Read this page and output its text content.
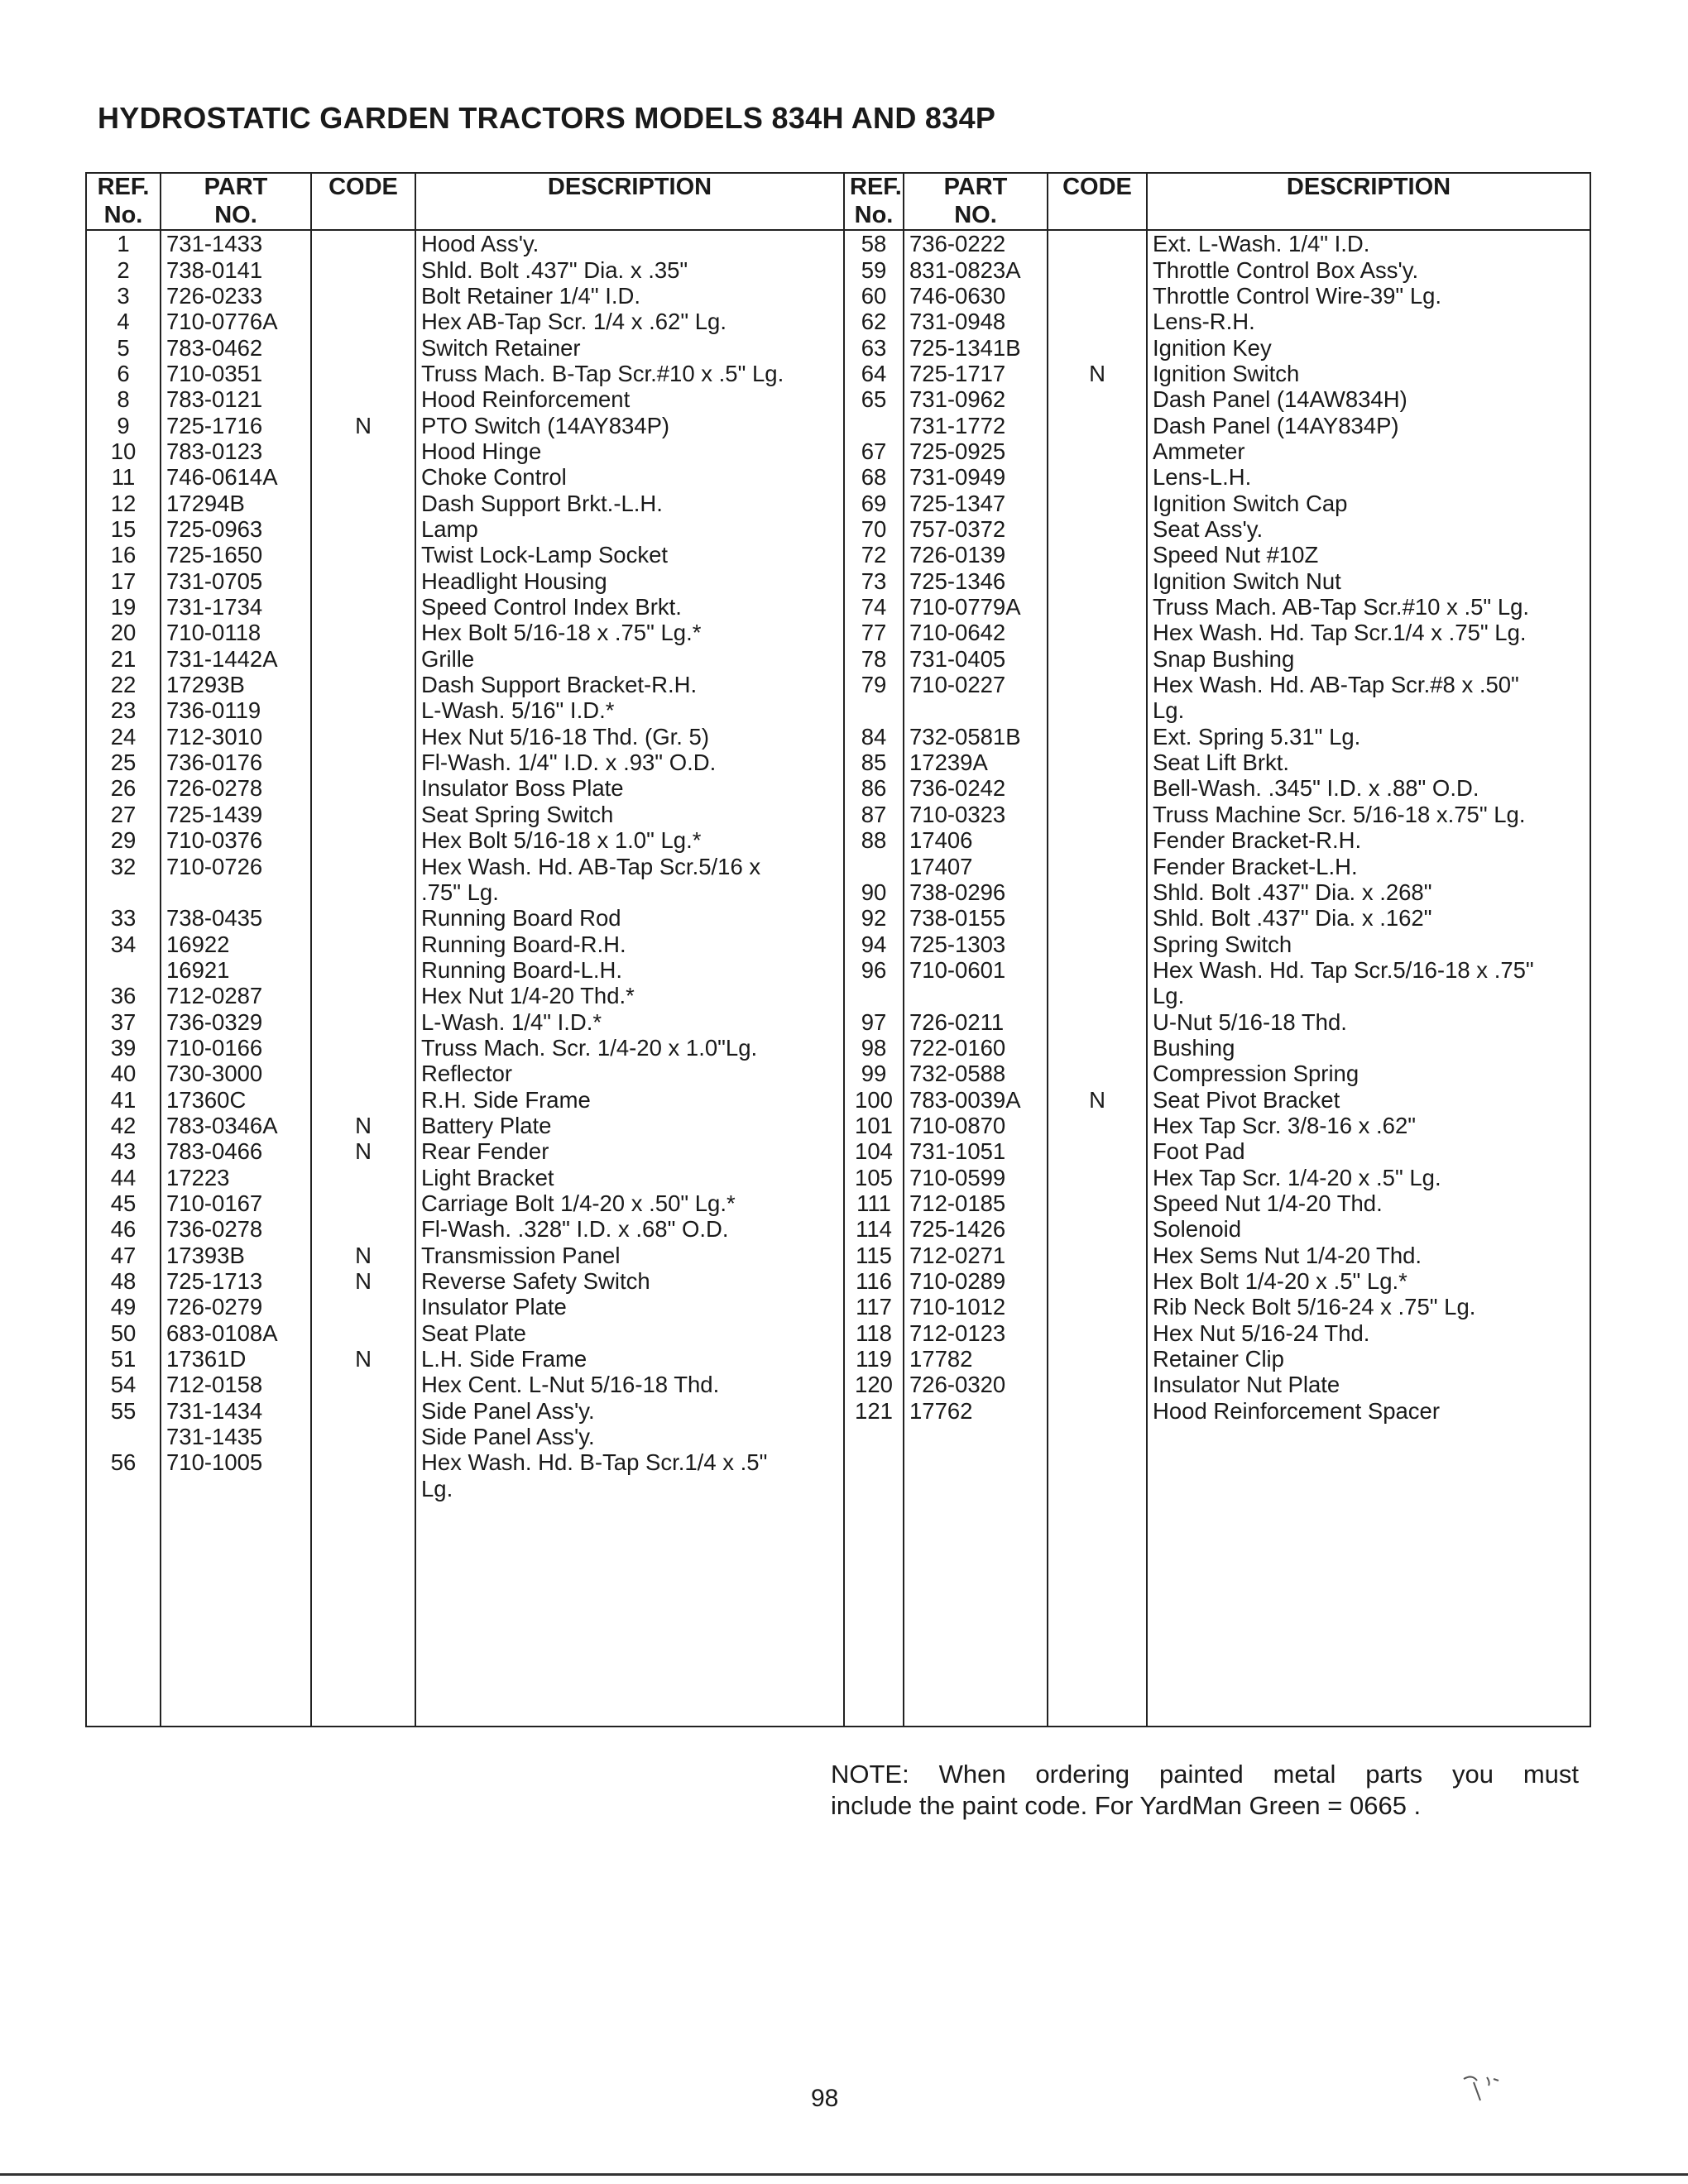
HYDROSTATIC GARDEN TRACTORS MODELS 834H AND 834P
REF.	PART	CODE	DESCRIPTION	REF.	PART	CODE	DESCRIPTION
No.	NO.			No.	NO.		
1	731-1433		Hood Ass'y.	58	736-0222		Ext. L-Wash. 1/4" I.D.
2	738-0141		Shld. Bolt .437" Dia. x .35"	59	831-0823A		Throttle Control Box Ass'y.
3	726-0233		Bolt Retainer 1/4" I.D.	60	746-0630		Throttle Control Wire-39" Lg.
4	710-0776A		Hex AB-Tap Scr. 1/4 x .62" Lg.	62	731-0948		Lens-R.H.
5	783-0462		Switch Retainer	63	725-1341B		Ignition Key
6	710-0351		Truss Mach. B-Tap Scr.#10 x .5" Lg.	64	725-1717	N	Ignition Switch
8	783-0121		Hood Reinforcement	65	731-0962		Dash Panel (14AW834H)
9	725-1716	N	PTO Switch (14AY834P)		731-1772		Dash Panel (14AY834P)
10	783-0123		Hood Hinge	67	725-0925		Ammeter
11	746-0614A		Choke Control	68	731-0949		Lens-L.H.
12	17294B		Dash Support Brkt.-L.H.	69	725-1347		Ignition Switch Cap
15	725-0963		Lamp	70	757-0372		Seat Ass'y.
16	725-1650		Twist Lock-Lamp Socket	72	726-0139		Speed Nut #10Z
17	731-0705		Headlight Housing	73	725-1346		Ignition Switch Nut
19	731-1734		Speed Control Index Brkt.	74	710-0779A		Truss Mach. AB-Tap Scr.#10 x .5" Lg.
20	710-0118		Hex Bolt 5/16-18 x .75" Lg.*	77	710-0642		Hex Wash. Hd. Tap Scr.1/4 x .75" Lg.
21	731-1442A		Grille	78	731-0405		Snap Bushing
22	17293B		Dash Support Bracket-R.H.	79	710-0227		Hex Wash. Hd. AB-Tap Scr.#8 x .50"
23	736-0119		L-Wash. 5/16" I.D.*				Lg.
24	712-3010		Hex Nut 5/16-18 Thd. (Gr. 5)	84	732-0581B		Ext. Spring 5.31" Lg.
25	736-0176		Fl-Wash. 1/4" I.D. x .93" O.D.	85	17239A		Seat Lift Brkt.
26	726-0278		Insulator Boss Plate	86	736-0242		Bell-Wash. .345" I.D. x .88" O.D.
27	725-1439		Seat Spring Switch	87	710-0323		Truss Machine Scr. 5/16-18 x.75" Lg.
29	710-0376		Hex Bolt 5/16-18 x 1.0" Lg.*	88	17406		Fender Bracket-R.H.
32	710-0726		Hex Wash. Hd. AB-Tap Scr.5/16 x		17407		Fender Bracket-L.H.
			.75" Lg.	90	738-0296		Shld. Bolt .437" Dia. x .268"
33	738-0435		Running Board Rod	92	738-0155		Shld. Bolt .437" Dia. x .162"
34	16922		Running Board-R.H.	94	725-1303		Spring Switch
	16921		Running Board-L.H.	96	710-0601		Hex Wash. Hd. Tap Scr.5/16-18 x .75"
36	712-0287		Hex Nut 1/4-20 Thd.*				Lg.
37	736-0329		L-Wash. 1/4" I.D.*	97	726-0211		U-Nut 5/16-18 Thd.
39	710-0166		Truss Mach. Scr. 1/4-20 x 1.0"Lg.	98	722-0160		Bushing
40	730-3000		Reflector	99	732-0588		Compression Spring
41	17360C		R.H. Side Frame	100	783-0039A	N	Seat Pivot Bracket
42	783-0346A	N	Battery Plate	101	710-0870		Hex Tap Scr. 3/8-16 x .62"
43	783-0466	N	Rear Fender	104	731-1051		Foot Pad
44	17223		Light Bracket	105	710-0599		Hex Tap Scr. 1/4-20 x .5" Lg.
45	710-0167		Carriage Bolt 1/4-20 x .50" Lg.*	111	712-0185		Speed Nut 1/4-20 Thd.
46	736-0278		Fl-Wash. .328" I.D. x .68" O.D.	114	725-1426		Solenoid
47	17393B	N	Transmission Panel	115	712-0271		Hex Sems Nut 1/4-20 Thd.
48	725-1713	N	Reverse Safety Switch	116	710-0289		Hex Bolt 1/4-20 x .5" Lg.*
49	726-0279		Insulator Plate	117	710-1012		Rib Neck Bolt 5/16-24 x .75" Lg.
50	683-0108A		Seat Plate	118	712-0123		Hex Nut 5/16-24 Thd.
51	17361D	N	L.H. Side Frame	119	17782		Retainer Clip
54	712-0158		Hex Cent. L-Nut 5/16-18 Thd.	120	726-0320		Insulator Nut Plate
55	731-1434		Side Panel Ass'y.	121	17762		Hood Reinforcement Spacer
	731-1435		Side Panel Ass'y.				
56	710-1005		Hex Wash. Hd. B-Tap Scr.1/4 x .5"				
			Lg.				
NOTE: When ordering painted metal parts you must
include the paint code. For YardMan Green = 0665 .
98
